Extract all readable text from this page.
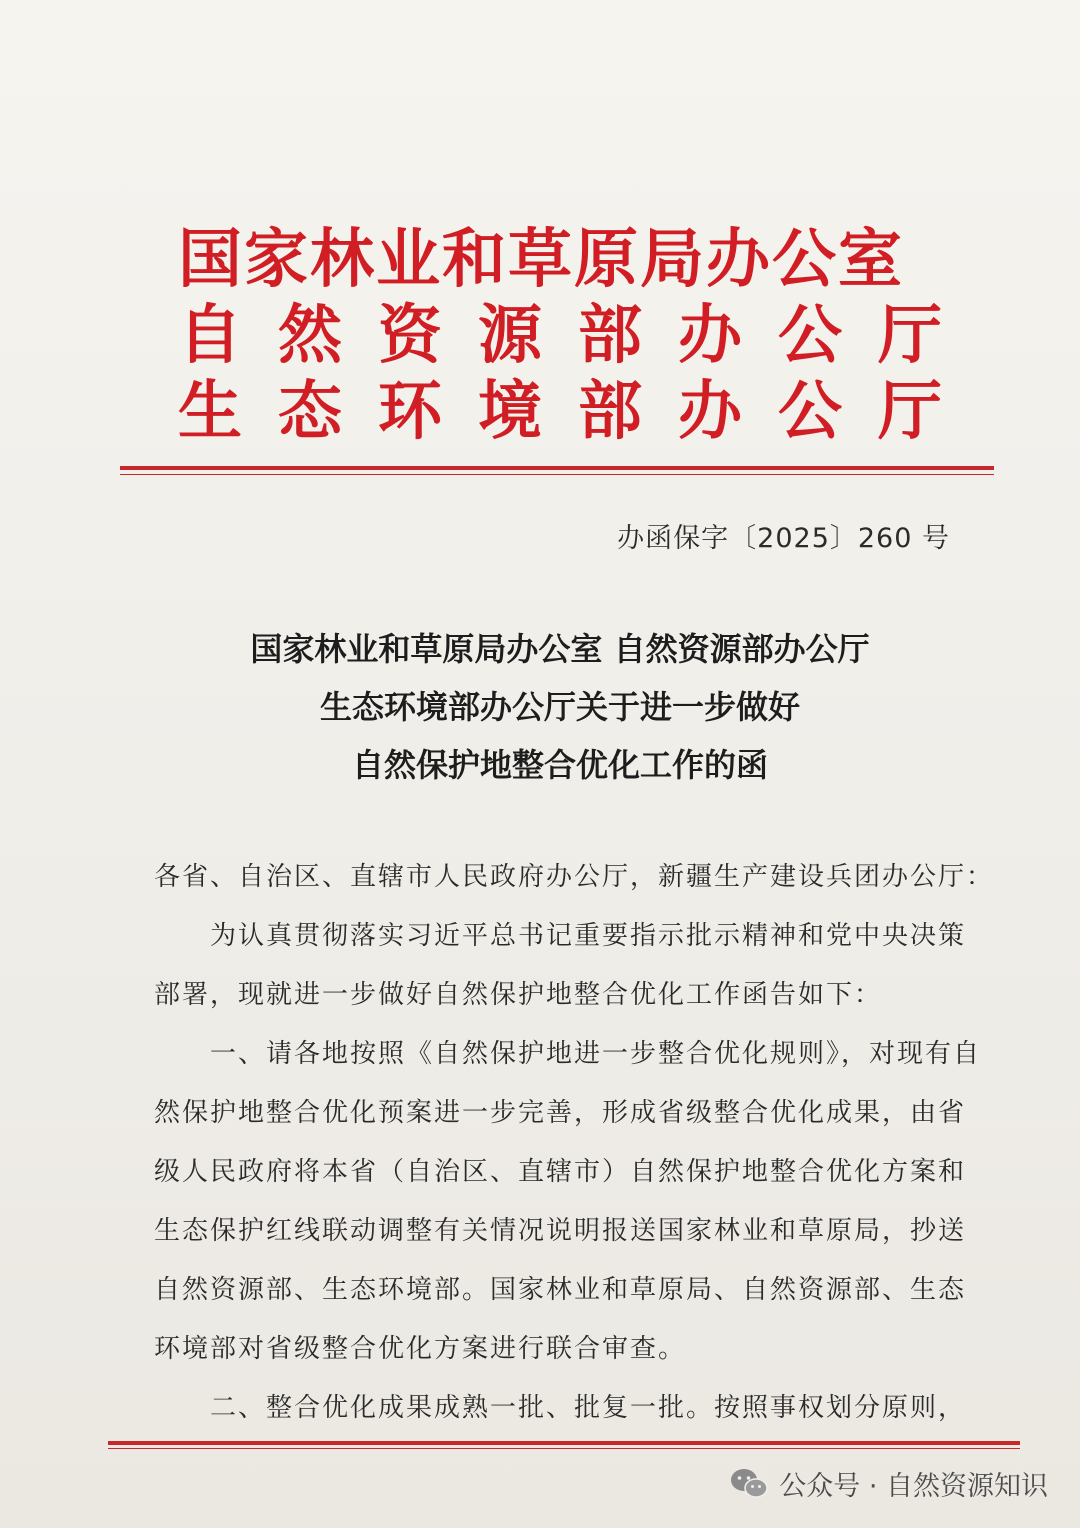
国家林业和草原局办公室
自然资源部办公厅
生态环境部办公厅
办函保字〔2025〕260 号
国家林业和草原局办公室 自然资源部办公厅
生态环境部办公厅关于进一步做好
自然保护地整合优化工作的函

各省、自治区、直辖市人民政府办公厅，新疆生产建设兵团办公厅：

为认真贯彻落实习近平总书记重要指示批示精神和党中央决策

部署，现就进一步做好自然保护地整合优化工作函告如下：

一、请各地按照《自然保护地进一步整合优化规则》，对现有自

然保护地整合优化预案进一步完善，形成省级整合优化成果，由省

级人民政府将本省（自治区、直辖市）自然保护地整合优化方案和

生态保护红线联动调整有关情况说明报送国家林业和草原局，抄送

自然资源部、生态环境部。国家林业和草原局、自然资源部、生态

环境部对省级整合优化方案进行联合审查。

二、整合优化成果成熟一批、批复一批。按照事权划分原则，

公众号 · 自然资源知识
